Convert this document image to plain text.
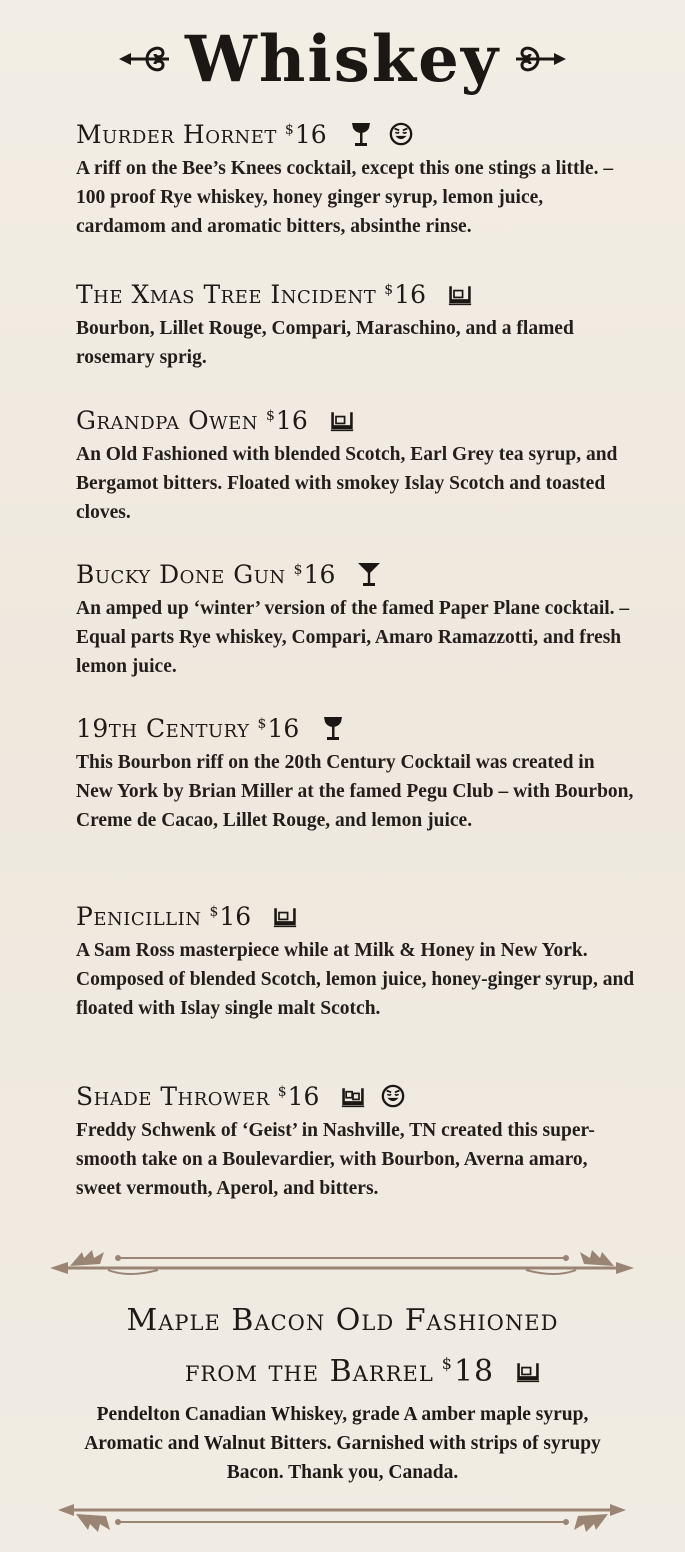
Whiskey
Murder Hornet $16

A riff on the Bee’s Knees cocktail, except this one stings a little. – 100 proof Rye whiskey, honey ginger syrup, lemon juice, cardamom and aromatic bitters, absinthe rinse.

The Xmas Tree Incident $16

Bourbon, Lillet Rouge, Compari, Maraschino, and a flamed rosemary sprig.

Grandpa Owen $16

An Old Fashioned with blended Scotch, Earl Grey tea syrup, and Bergamot bitters. Floated with smokey Islay Scotch and toasted cloves.

Bucky Done Gun $16

An amped up ‘winter’ version of the famed Paper Plane cocktail. – Equal parts Rye whiskey, Compari, Amaro Ramazzotti, and fresh lemon juice.

19th Century $16

This Bourbon riff on the 20th Century Cocktail was created in New York by Brian Miller at the famed Pegu Club – with Bourbon, Creme de Cacao, Lillet Rouge, and lemon juice.

Penicillin $16

A Sam Ross masterpiece while at Milk & Honey in New York. Composed of blended Scotch, lemon juice, honey-ginger syrup, and floated with Islay single malt Scotch.

Shade Thrower $16

Freddy Schwenk of ‘Geist’ in Nashville, TN created this super-smooth take on a Boulevardier, with Bourbon, Averna amaro, sweet vermouth, Aperol, and bitters.

Maple Bacon Old Fashioned
from the Barrel $18

Pendelton Canadian Whiskey, grade A amber maple syrup, Aromatic and Walnut Bitters. Garnished with strips of syrupy Bacon. Thank you, Canada.
